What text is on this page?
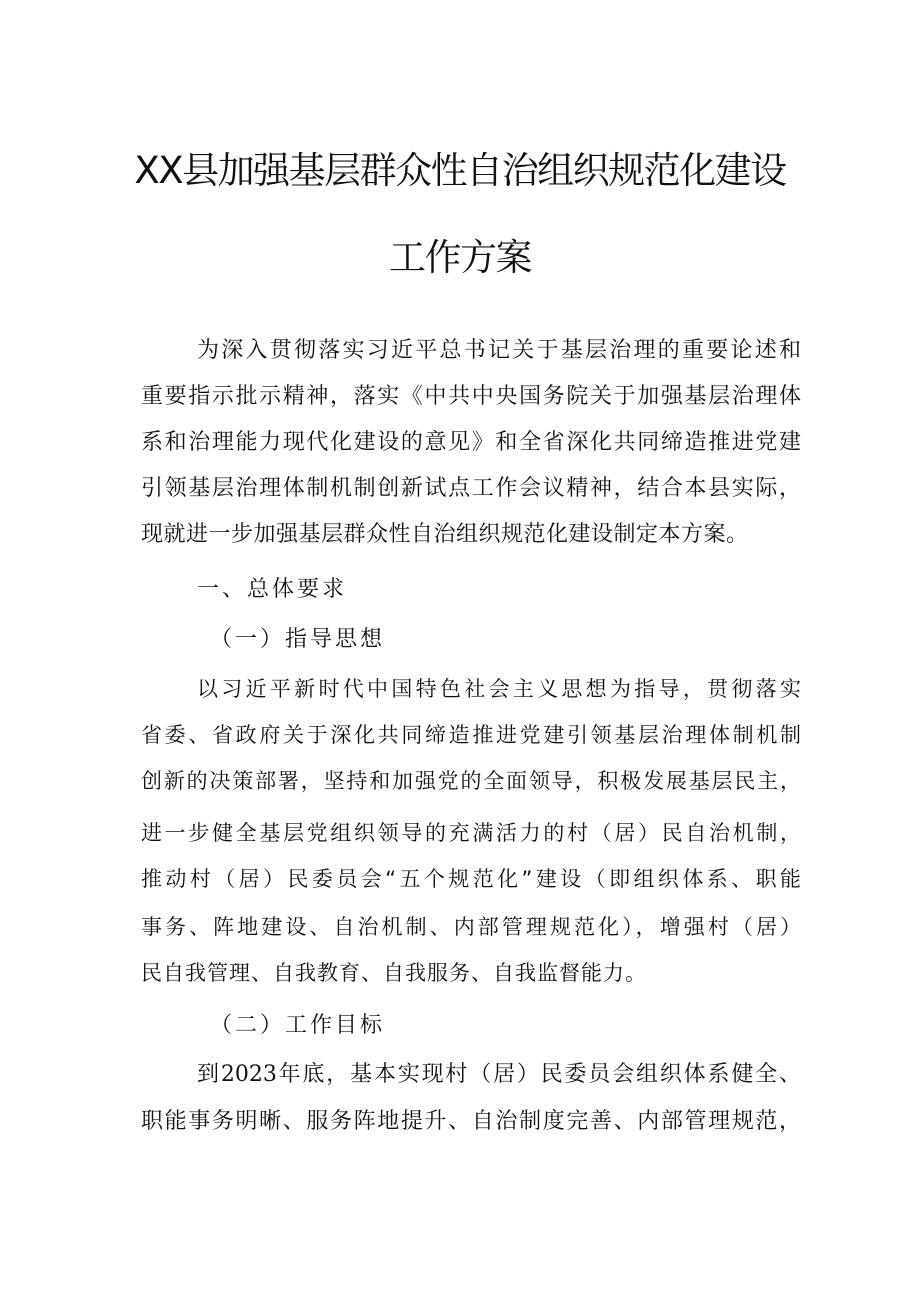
XX县加强基层群众性自治组织规范化建设
工作方案
为深入贯彻落实习近平总书记关于基层治理的重要论述和
重要指示批示精神，落实《中共中央国务院关于加强基层治理体
系和治理能力现代化建设的意见》和全省深化共同缔造推进党建
引领基层治理体制机制创新试点工作会议精神，结合本县实际，
现就进一步加强基层群众性自治组织规范化建设制定本方案。
一、总体要求
（一）指导思想
以习近平新时代中国特色社会主义思想为指导，贯彻落实
省委、省政府关于深化共同缔造推进党建引领基层治理体制机制
创新的决策部署，坚持和加强党的全面领导，积极发展基层民主，
进一步健全基层党组织领导的充满活力的村（居）民自治机制，
推动村（居）民委员会“五个规范化”建设（即组织体系、职能
事务、阵地建设、自治机制、内部管理规范化），增强村（居）
民自我管理、自我教育、自我服务、自我监督能力。
（二）工作目标
到2023年底，基本实现村（居）民委员会组织体系健全、
职能事务明晰、服务阵地提升、自治制度完善、内部管理规范，
